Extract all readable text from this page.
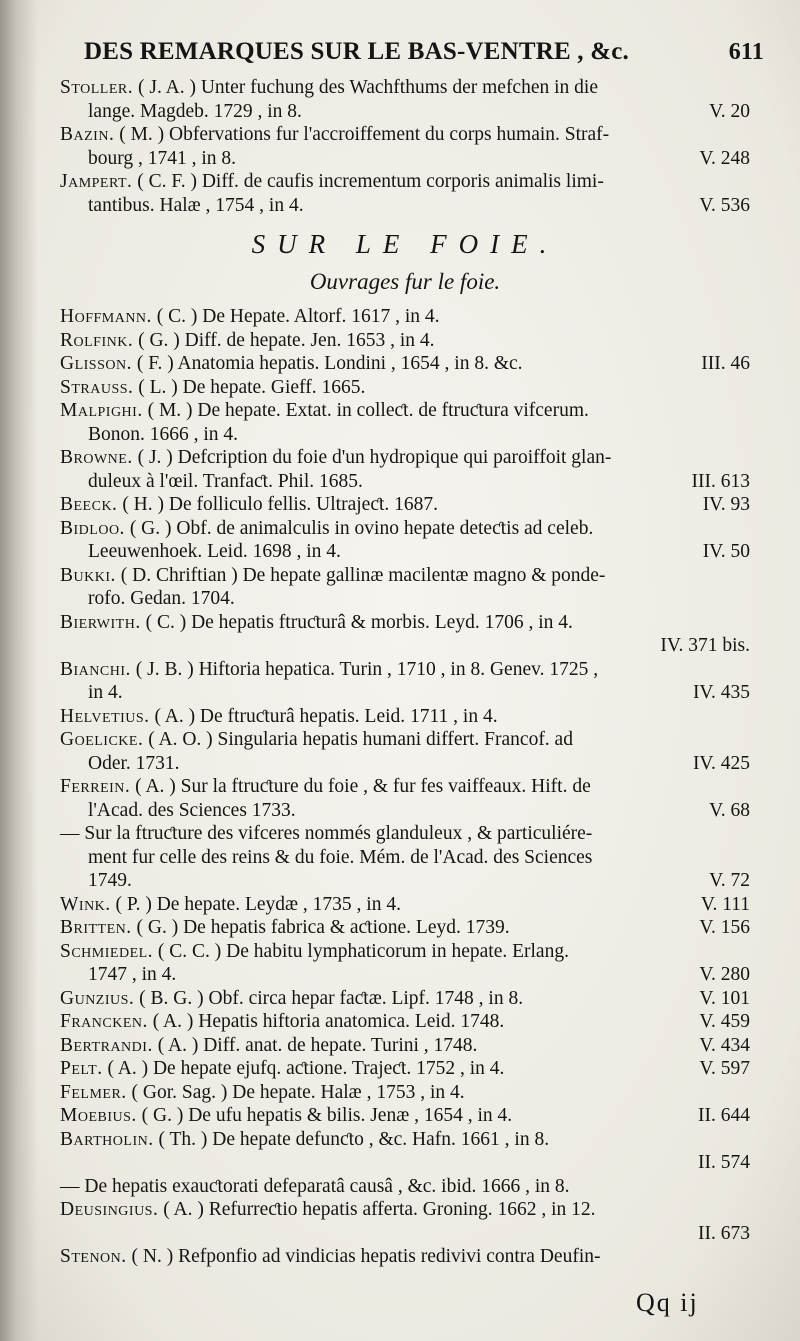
DES REMARQUES SUR LE BAS-VENTRE , &c.	611
Stoller. ( J. A. ) Unter fuchung des Wachfthums der mefchen in die
lange. Magdeb. 1729 , in 8.	V. 20
Bazin. ( M. ) Obfervations fur l'accroiffement du corps humain. Straf-
bourg , 1741 , in 8.	V. 248
Jampert. ( C. F. ) Diff. de caufis incrementum corporis animalis limi-
tantibus. Halæ , 1754 , in 4.	V. 536
SUR LE FOIE.
Ouvrages fur le foie.
Hoffmann. ( C. ) De Hepate. Altorf. 1617 , in 4.
Rolfink. ( G. ) Diff. de hepate. Jen. 1653 , in 4.
Glisson. ( F. ) Anatomia hepatis. Londini , 1654 , in 8. &c.	III. 46
Strauss. ( L. ) De hepate. Gieff. 1665.
Malpighi. ( M. ) De hepate. Extat. in colleƈt. de ftruƈtura vifcerum.
Bonon. 1666 , in 4.
Browne. ( J. ) Defcription du foie d'un hydropique qui paroiffoit glan-
duleux à l'œil. Tranfaƈt. Phil. 1685.	III. 613
Beeck. ( H. ) De folliculo fellis. Ultrajeƈt. 1687.	IV. 93
Bidloo. ( G. ) Obf. de animalculis in ovino hepate deteƈtis ad celeb.
Leeuwenhoek. Leid. 1698 , in 4.	IV. 50
Bukki. ( D. Chriftian ) De hepate gallinæ macilentæ magno & ponde-
rofo. Gedan. 1704.
Bierwith. ( C. ) De hepatis ftruƈturâ & morbis. Leyd. 1706 , in 4.
IV. 371 bis.
Bianchi. ( J. B. ) Hiftoria hepatica. Turin , 1710 , in 8. Genev. 1725 ,
in 4.	IV. 435
Helvetius. ( A. ) De ftruƈturâ hepatis. Leid. 1711 , in 4.
Goelicke. ( A. O. ) Singularia hepatis humani differt. Francof. ad
Oder. 1731.	IV. 425
Ferrein. ( A. ) Sur la ftruƈture du foie , & fur fes vaiffeaux. Hift. de
l'Acad. des Sciences 1733.	V. 68
— Sur la ftruƈture des vifceres nommés glanduleux , & particuliére-
ment fur celle des reins & du foie. Mém. de l'Acad. des Sciences
1749.	V. 72
Wink. ( P. ) De hepate. Leydæ , 1735 , in 4.	V. 111
Britten. ( G. ) De hepatis fabrica & aƈtione. Leyd. 1739.	V. 156
Schmiedel. ( C. C. ) De habitu lymphaticorum in hepate. Erlang.
1747 , in 4.	V. 280
Gunzius. ( B. G. ) Obf. circa hepar faƈtæ. Lipf. 1748 , in 8.	V. 101
Francken. ( A. ) Hepatis hiftoria anatomica. Leid. 1748.	V. 459
Bertrandi. ( A. ) Diff. anat. de hepate. Turini , 1748.	V. 434
Pelt. ( A. ) De hepate ejufq. aƈtione. Trajeƈt. 1752 , in 4.	V. 597
Felmer. ( Gor. Sag. ) De hepate. Halæ , 1753 , in 4.
Moebius. ( G. ) De ufu hepatis & bilis. Jenæ , 1654 , in 4.	II. 644
Bartholin. ( Th. ) De hepate defunƈto , &c. Hafn. 1661 , in 8.
II. 574
— De hepatis exauƈtorati defeparatâ causâ , &c. ibid. 1666 , in 8.
Deusingius. ( A. ) Refurreƈtio hepatis afferta. Groning. 1662 , in 12.
II. 673
Stenon. ( N. ) Refponfio ad vindicias hepatis redivivi contra Deufin-
Qq ij
